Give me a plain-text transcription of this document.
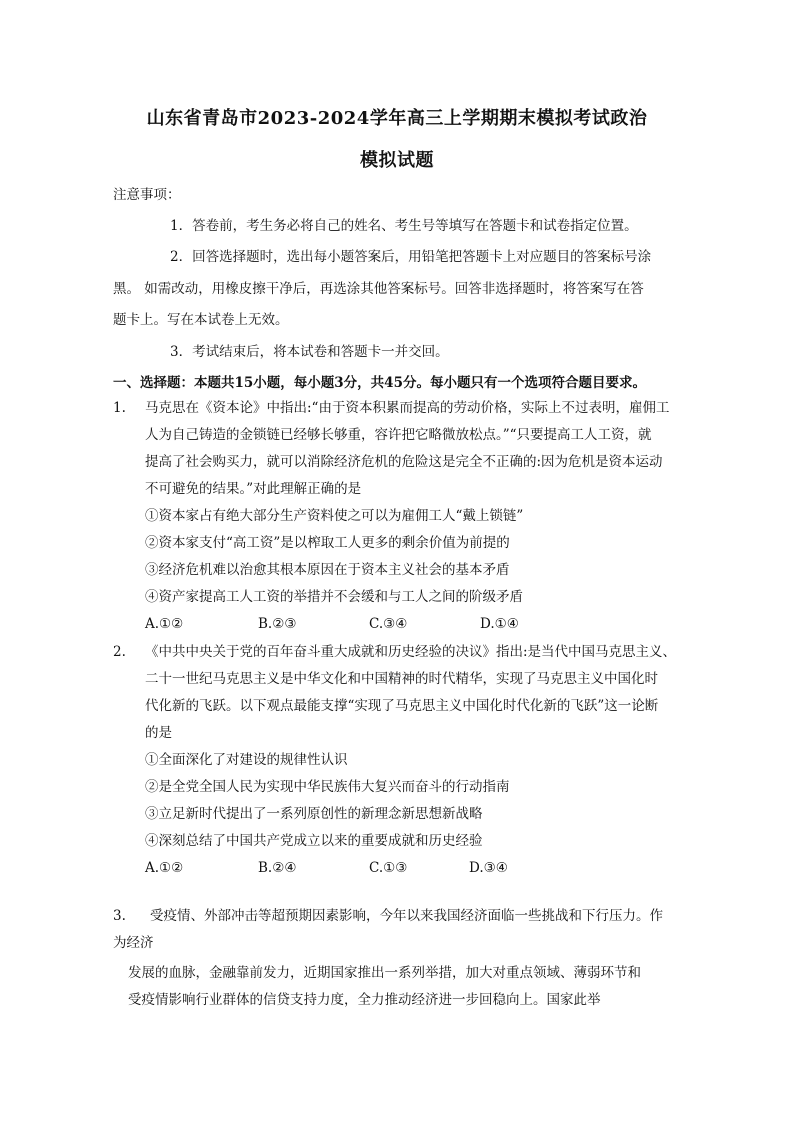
山东省青岛市2023-2024学年高三上学期期末模拟考试政治
模拟试题
注意事项：
1．答卷前，考生务必将自己的姓名、考生号等填写在答题卡和试卷指定位置。
2．回答选择题时，选出每小题答案后，用铅笔把答题卡上对应题目的答案标号涂
黑。 如需改动，用橡皮擦干净后，再选涂其他答案标号。回答非选择题时，将答案写在答
题卡上。写在本试卷上无效。
3．考试结束后，将本试卷和答题卡一并交回。
一、选择题：本题共15小题，每小题3分，共45分。每小题只有一个选项符合题目要求。
1. 马克思在《资本论》中指出:“由于资本积累而提高的劳动价格，实际上不过表明，雇佣工
人为自己铸造的金锁链已经够长够重，容许把它略微放松点。”“只要提高工人工资，就
提高了社会购买力，就可以消除经济危机的危险这是完全不正确的:因为危机是资本运动
不可避免的结果。”对此理解正确的是
①资本家占有绝大部分生产资料使之可以为雇佣工人“戴上锁链”
②资本家支付“高工资”是以榨取工人更多的剩余价值为前提的
③经济危机难以治愈其根本原因在于资本主义社会的基本矛盾
④资产家提高工人工资的举措并不会缓和与工人之间的阶级矛盾
A.①②	B.②③	C.③④	D.①④
2. 《中共中央关于党的百年奋斗重大成就和历史经验的决议》指出:是当代中国马克思主义、
二十一世纪马克思主义是中华文化和中国精神的时代精华，实现了马克思主义中国化时
代化新的飞跃。以下观点最能支撑“实现了马克思主义中国化时代化新的飞跃”这一论断
的是
①全面深化了对建设的规律性认识
②是全党全国人民为实现中华民族伟大复兴而奋斗的行动指南
③立足新时代提出了一系列原创性的新理念新思想新战略
④深刻总结了中国共产党成立以来的重要成就和历史经验
A.①②	B.②④	C.①③	D.③④
3. 受疫情、外部冲击等超预期因素影响，今年以来我国经济面临一些挑战和下行压力。作
为经济
发展的血脉，金融靠前发力，近期国家推出一系列举措，加大对重点领域、薄弱环节和
受疫情影响行业群体的信贷支持力度，全力推动经济进一步回稳向上。国家此举
